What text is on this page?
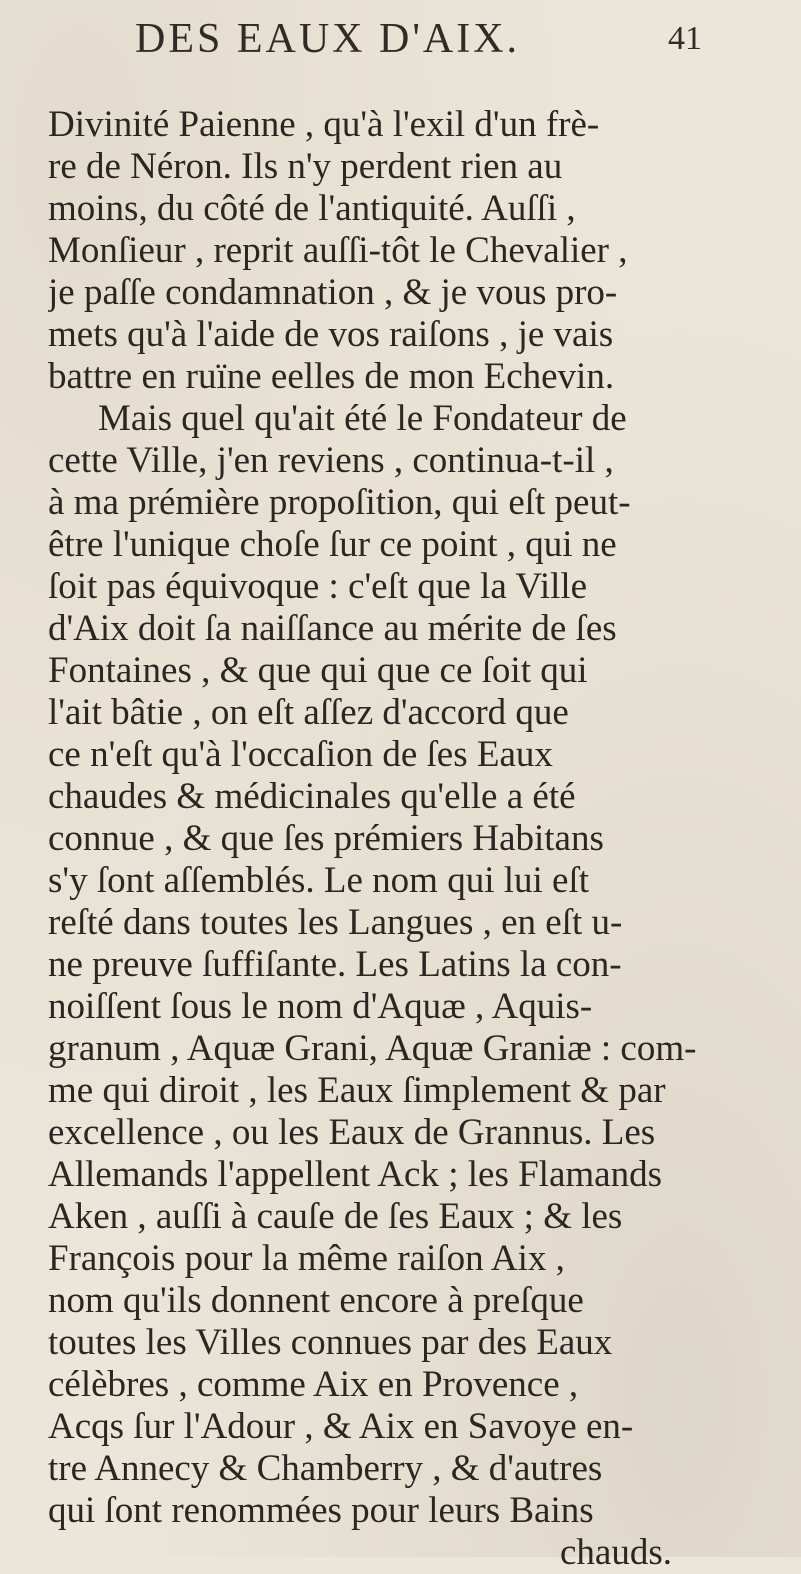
DES EAUX D'AIX.	41
Divinité Paienne , qu'à l'exil d'un frè-
re de Néron. Ils n'y perdent rien au
moins, du côté de l'antiquité. Auſſi ,
Monſieur , reprit auſſi-tôt le Chevalier ,
je paſſe condamnation , & je vous pro-
mets qu'à l'aide de vos raiſons , je vais
battre en ruïne eelles de mon Echevin.
Mais quel qu'ait été le Fondateur de
cette Ville, j'en reviens , continua-t-il ,
à ma prémière propoſition, qui eſt peut-
être l'unique choſe ſur ce point , qui ne
ſoit pas équivoque : c'eſt que la Ville
d'Aix doit ſa naiſſance au mérite de ſes
Fontaines , & que qui que ce ſoit qui
l'ait bâtie , on eſt aſſez d'accord que
ce n'eſt qu'à l'occaſion de ſes Eaux
chaudes & médicinales qu'elle a été
connue , & que ſes prémiers Habitans
s'y ſont aſſemblés. Le nom qui lui eſt
reſté dans toutes les Langues , en eſt u-
ne preuve ſuffiſante. Les Latins la con-
noiſſent ſous le nom d'Aquæ , Aquis-
granum , Aquæ Grani, Aquæ Graniæ : com-
me qui diroit , les Eaux ſimplement & par
excellence , ou les Eaux de Grannus. Les
Allemands l'appellent Ack ; les Flamands
Aken , auſſi à cauſe de ſes Eaux ; & les
François pour la même raiſon Aix ,
nom qu'ils donnent encore à preſque
toutes les Villes connues par des Eaux
célèbres , comme Aix en Provence ,
Acqs ſur l'Adour , & Aix en Savoye en-
tre Annecy & Chamberry , & d'autres
qui ſont renommées pour leurs Bains
chauds.
